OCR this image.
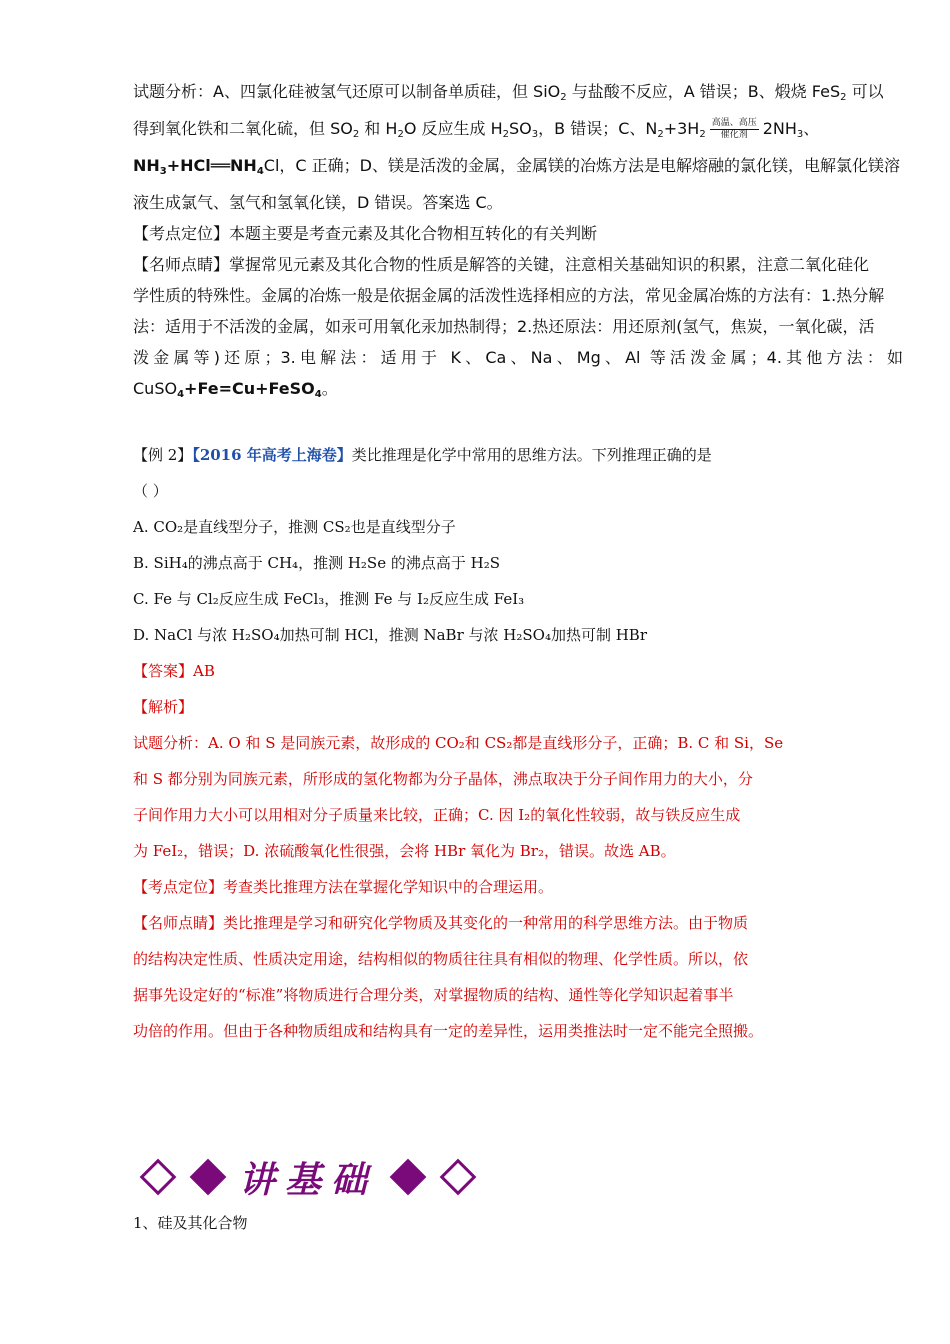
试题分析：A、四氯化硅被氢气还原可以制备单质硅，但 SiO$_2$ 与盐酸不反应，A 错误；B、煅烧 FeS$_2$ 可以

得到氧化铁和二氧化硫，但 $SO_2$ 和 $H_2O$ 反应生成 $H_2SO_3$，B 错误；C、$N_2+3H_2 \frac{\text{高温、高压}}{\text{催化剂}} 2NH_3$、

$NH_3+HCl══NH_4Cl$，C 正确；D、镁是活泼的金属，金属镁的冶炼方法是电解熔融的氯化镁，电解氯化镁溶

液生成氯气、氢气和氢氧化镁，D 错误。答案选 C。

【考点定位】本题主要是考查元素及其化合物相互转化的有关判断

【名师点睛】掌握常见元素及其化合物的性质是解答的关键，注意相关基础知识的积累，注意二氧化硅化

学性质的特殊性。金属的冶炼一般是依据金属的活泼性选择相应的方法，常见金属冶炼的方法有：1.热分解

法：适用于不活泼的金属，如汞可用氧化汞加热制得；2.热还原法：用还原剂(氢气，焦炭，一氧化碳，活

泼金属等)还原；3.电解法：适用于 K、Ca、Na、Mg、Al 等活泼金属；4.其他方法：如 CuSO$_4$+Fe=Cu+FeSO$_4$。

【例 2】【2016 年高考上海卷】类比推理是化学中常用的思维方法。下列推理正确的是
（ ）
A. CO₂是直线型分子，推测 CS₂也是直线型分子
B. SiH₄的沸点高于 CH₄，推测 H₂Se 的沸点高于 H₂S
C. Fe 与 Cl₂反应生成 FeCl₃，推测 Fe 与 I₂反应生成 FeI₃
D. NaCl 与浓 H₂SO₄加热可制 HCl，推测 NaBr 与浓 H₂SO₄加热可制 HBr
【答案】AB
【解析】
试题分析：A. O 和 S 是同族元素，故形成的 CO₂和 CS₂都是直线形分子，正确；B. C 和 Si，Se
和 S 都分别为同族元素，所形成的氢化物都为分子晶体，沸点取决于分子间作用力的大小，分
子间作用力大小可以用相对分子质量来比较，正确；C. 因 I₂的氧化性较弱，故与铁反应生成
为 FeI₂，错误；D. 浓硫酸氧化性很强，会将 HBr 氧化为 Br₂，错误。故选 AB。
【考点定位】考查类比推理方法在掌握化学知识中的合理运用。
【名师点睛】类比推理是学习和研究化学物质及其变化的一种常用的科学思维方法。由于物质
的结构决定性质、性质决定用途，结构相似的物质往往具有相似的物理、化学性质。所以，依
据事先设定好的“标准”将物质进行合理分类，对掌握物质的结构、通性等化学知识起着事半
功倍的作用。但由于各种物质组成和结构具有一定的差异性，运用类推法时一定不能完全照搬。
讲基础
1、硅及其化合物
